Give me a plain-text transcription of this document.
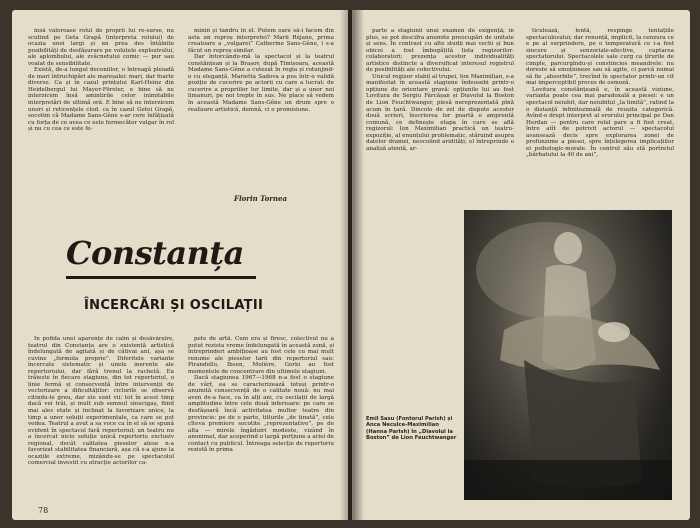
însă valoroase rolul de proprii lui re-surse, nu scutind pe Geta Grapă (interpreta rolului) de ocazia unei largi și un prea des întâlnite posibilități de desfășurare pe volutele explozivului, ale aplombului, ale zvâcnetului comic — pur sau voalat de sensibilitate.

Există, de-a lungul deceniilor, o întreagă pleiadă de mari întruchipări ale mareșalei: mari, dar foarte diverse. Ca și în cazul prințului Karl-Heinz din Heidelbergul lui Mayer-Förster, e bine să ne interzicem însă amintirile celor inimitabile interpretări de ultimă oră. E bine să ne interzicem unori și reticențele clod. ca în cazul Getei Grapă, socotim că Madame Sans-Gêne s-ar cere înfățișată cu forța de ce avea ce este fermecător vulgar în rol și nu cu cea ce este fe-

minin și tandru în el. Putem oare să-i facem din asta un reproș interpretei? Marii Réjane, prima creatoare a „vulgarei” Catherine Sans-Gêne, i s-a făcut un reproș similar.

Dar întorcându-mă la spectacol și la teatrul constănțean și la Brașov, după Timișoara, această Madame Sans-Gêne a cutezat în regia și rotunjind-o cu eleganță, Marietta Sadova a pus într-o validă poziție de cucerire pe actorii cu care a lucrat: de cucerire a propriilor lor limite, dar și a unor noi limanuri, pe noi trepte în sus. Ne place să vedem în această Madame Sans-Gêne un drum spre o realizare artistică, demnă, ci o promisiune.

Florin Tornea
Constanța
ÎNCERCĂRI ȘI OSCILAȚII

În pofida unei aparențe de calm și desăvârșire, teatrul din Constanța are o existență artistică îndelungată de agitată și de cătivai ani, așa se cuvine „formula proprie”. Diferitele variante încercate sistematic și unele inerente ale repertoriului, dar fără trenul la rachetă. Ea trăiește în fiecare stagiune, din tot repertoriul, o linie fermă și consecventă între intervenții de vectorizare a dificultăților: ciclurile se observă citindu-le greu, dar ele sunt vii: tot în acest timp dacă vei trăi, și mult sub semnul sinucigaș, fiind mai ales etate și inclinat la favorizare unice, la timp a unor soluții experimentale, ca care se pot vedea. Teatrul a avut a sa voce ca în el să se spună evident în spectacol fară repertoriul; un teatru nu a încercat nicio soluție unică repertoriu exclusiv regional, decât calitatea pieselor alese n-a favorizat stabilitatea financiară, așa că s-a ajuns la ocaziile extreme, mizându-se pe spectacolul comercial investit cu atracție actorilor ca-

pete de artă. Cum era și firesc, colectivul nu a putut rezista vreme îndelungată în această zonă, și întreprinderi ambițioase au fost cele cu mai mult renume ale pieselor tarii din repertoriul sau: Pirandello, Ibsen, Molière, Gorki au fost momentele de concentrare din ultimele stagiuni.

Dacă stagiunea 1967—1968 n-a fost o stagiune de vârf, ea se caracterizează totuși printr-o anumită consecvență de o calitate nouă: nu mai aven de-a face, ca în alți ani, cu oscilații de largă amplitudine între cele două inferioare: pe care se desfășoară încă activitatea multor teatre din provincie: pe de o parte, titlurile „de ținută”, cele cîteva premiere socotite „reprezentative”, pe de alta — mirele îngăduiri modeste, vizând în anonimat, dar acoperind o largă porțiune a ariei de contact cu publicul. Întreaga selecție de repertoriu rezistă în prima

78

parte a stagiunii unui examen de exigență; în plus, se pot descifra anumite preocupări de unitate și sens. În contrast cu alte studii mai vechi și bun obicei a fost îmbogățită lista regizorilor-colaboratori; prezența acestor individualități artistice distincte a diversificat interesul registrul de posibilități ale colectivului.

Unicul regizor stabil al trupei, Ion Maximilian, s-a manifestat în această stagiune îndeosebi printr-o opțiune de orientare gravă: opțiunile lui au fost Lovitura de Sergiu Fărcășan și Diavolul la Boston de Lion Feuchtwanger, piesă nereprezentată pînă acum în țară. Dincolo de zel de dispute acestor două scrieri, înscrierea lor poartă o amprentă comună, ce definește etapa în care se află regizorul: Ion Maximilian practică un teatru-expoziție, al enunțului problematic, stăruind asupra datelor dramei, neocolind aridități; el întreprinde o analiză atentă, ar-

ticulează, lentă, respinge tentațiile spectaculosului; dar renunță, implicit, la cenzura ce e pe al surprindere, pe o temperatură ce i-a fost sincere și senzoriale-afective, captarea spectatorului. Spectacolele sale curg ca țîrurile de cimple, parcurgîndu-și constincios meandrele: nu doreste să emoționeze sau să agite, ci parcă numai să fie „absorbite”, trecînd în spectator printr-un cit mai imperceptibil proces de osmoză.

Lovitura constănțeană e, în această viziune, varianta poate cea mai paradoxală a piesei: e un spectacol neiubit, dar neiubitul „la limită”, ratind la o distanță infinitezimală de reușita categorică. Avînd-o drept interpret al erorului principal pe Dan Herdan — pentru care rolul pare a fi fost creat, între atît de potrivit actorul — spectacolul avansează decis spre explorarea zonei de profunzime a piesei, spre înțelegerea implicațiilor ei psihologic-morale. În centrul său stă portretul „bărbatului la 40 de ani”,

Emil Sasu (Fontorul Parish) și Anca Neculce-Maximilian (Hanna Parish) în „Diavolul la Boston” de Lion Feuchtwanger
